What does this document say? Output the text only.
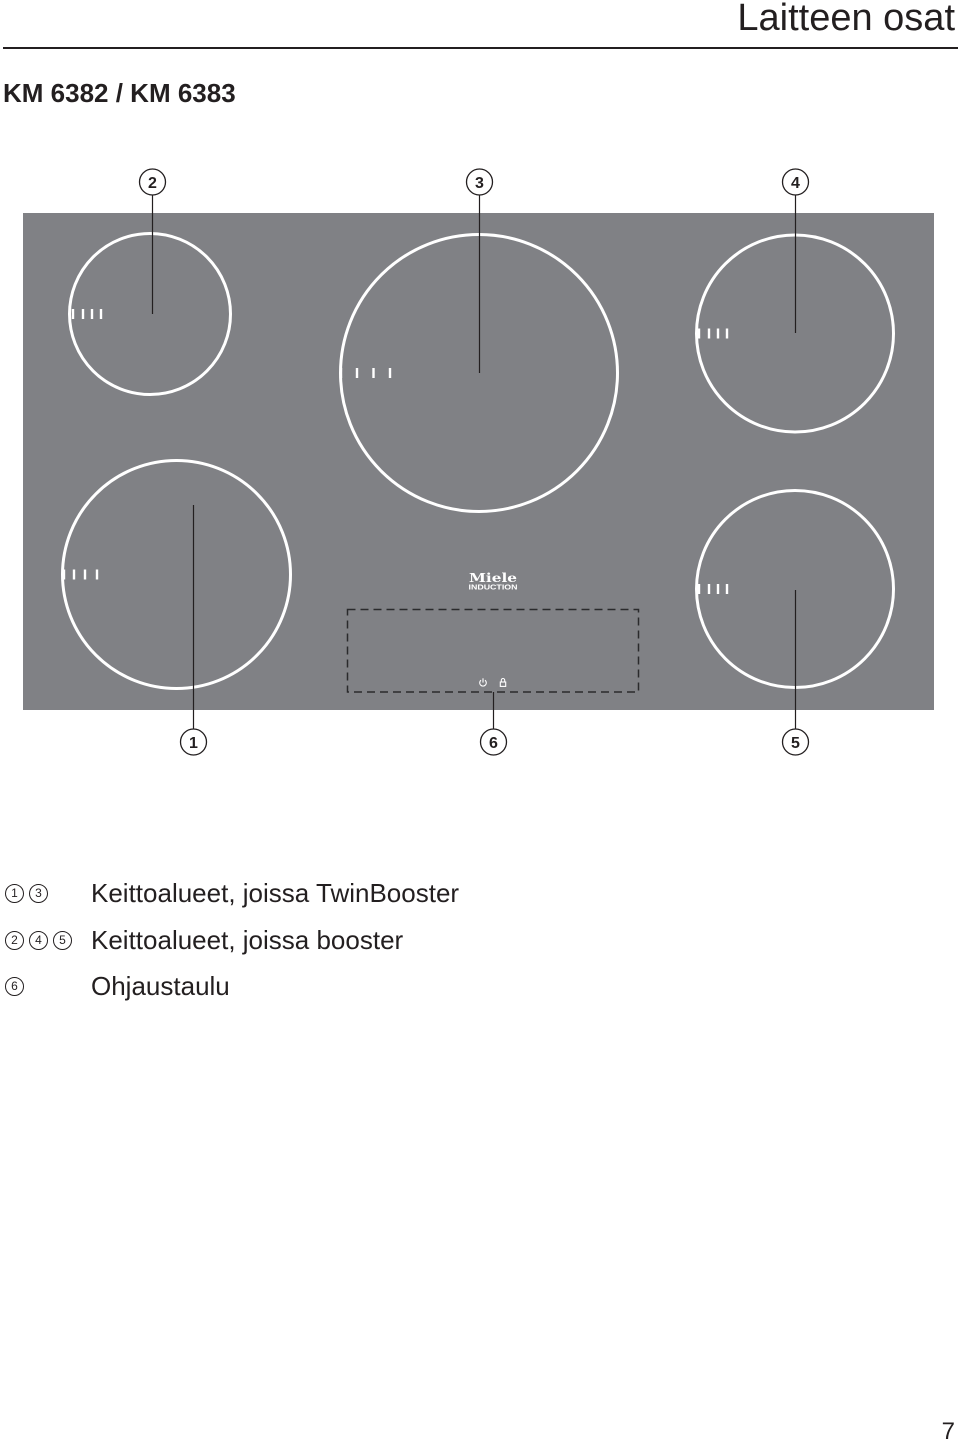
Laitteen osat
KM 6382 / KM 6383
Miele
INDUCTION
2	3	4
1	6	5
1	3 Keittoalueet, joissa TwinBooster
2	4	5 Keittoalueet, joissa booster
6	Ohjaustaulu
7
